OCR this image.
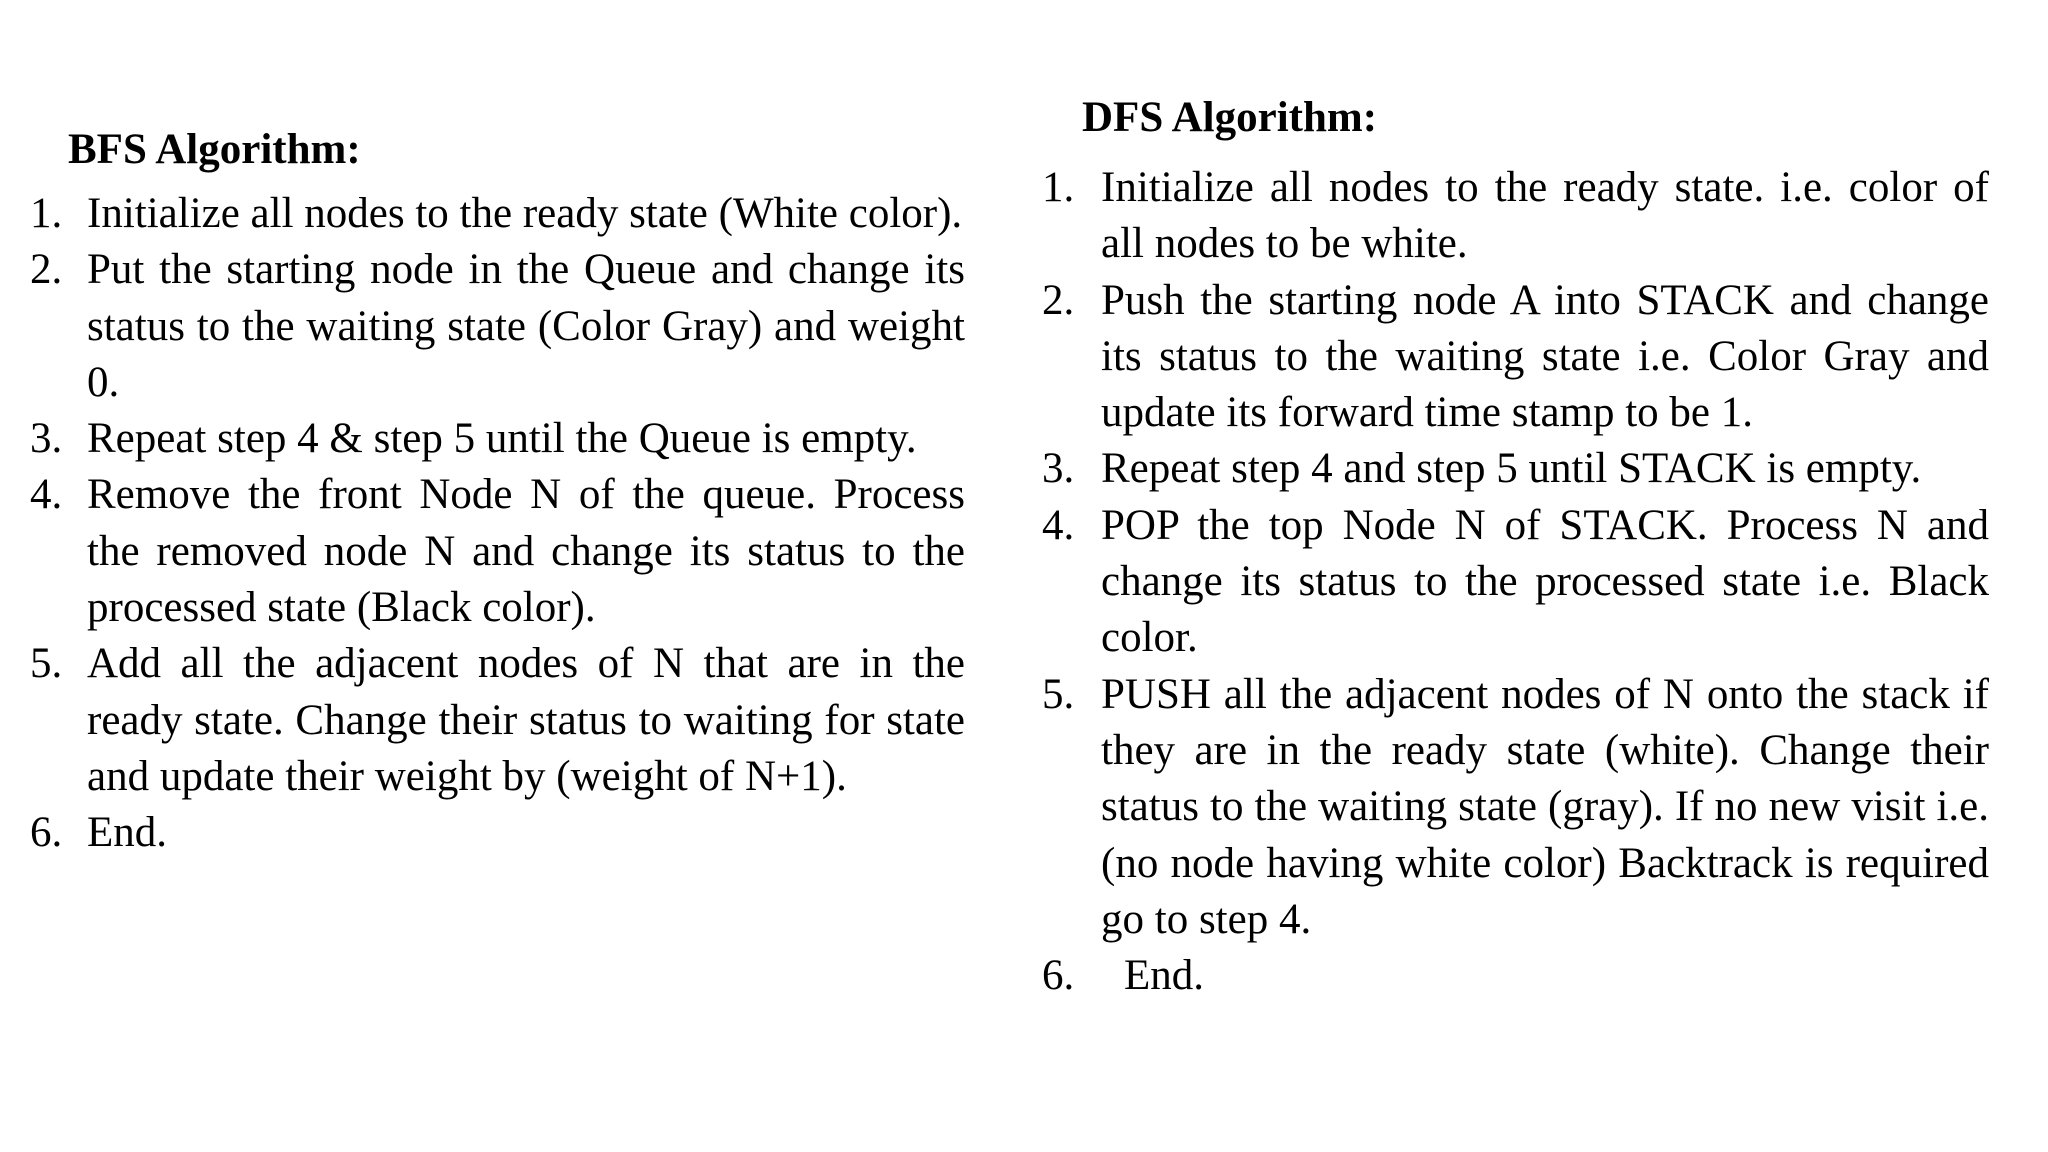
BFS Algorithm:
1. Initialize all nodes to the ready state (White color).
2. Put the starting node in the Queue and change its status to the waiting state (Color Gray) and weight 0.
3. Repeat step 4 & step 5 until the Queue is empty.
4. Remove the front Node N of the queue. Process the removed node N and change its status to the processed state (Black color).
5. Add all the adjacent nodes of N that are in the ready state. Change their status to waiting for state and update their weight by (weight of N+1).
6. End.
DFS Algorithm:
1. Initialize all nodes to the ready state. i.e. color of all nodes to be white.
2. Push the starting node A into STACK and change its status to the waiting state i.e. Color Gray and update its forward time stamp to be 1.
3. Repeat step 4 and step 5 until STACK is empty.
4. POP the top Node N of STACK. Process N and change its status to the processed state i.e. Black color.
5. PUSH all the adjacent nodes of N onto the stack if they are in the ready state (white). Change their status to the waiting state (gray). If no new visit i.e. (no node having white color) Backtrack is required go to step 4.
6.	End.
